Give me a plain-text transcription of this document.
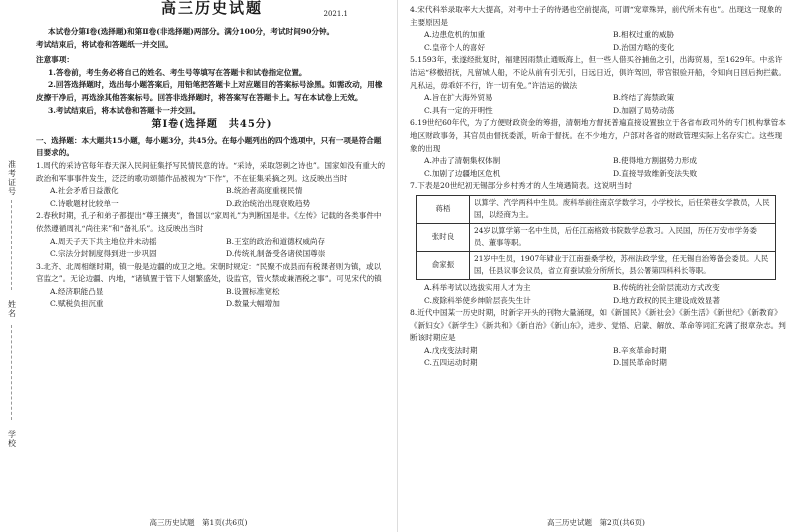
准考证号
姓名
学校
高三历史试题	2021.1

本试卷分第Ⅰ卷(选择题)和第Ⅱ卷(非选择题)两部分。满分100分，考试时间90分钟。

考试结束后，将试卷和答题纸一并交回。

注意事项：

1.答卷前，考生务必将自己的姓名、考生号等填写在答题卡和试卷指定位置。

2.回答选择题时，选出每小题答案后，用铅笔把答题卡上对应题目的答案标号涂黑。如需改动，用橡皮擦干净后，再选涂其他答案标号。回答非选择题时，将答案写在答题卡上。写在本试卷上无效。

3.考试结束后，将本试卷和答题卡一并交回。

第Ⅰ卷(选择题　共45分)

一、选择题：本大题共15小题，每小题3分，共45分。在每小题列出的四个选项中，只有一项是符合题目要求的。

1.周代的采诗官每年春天深入民间征集抒写民情民意的诗。“采诗，采取怨刺之诗也”。国家如没有重大的政治和军事事件发生，泛泛的歌功颂德作品被视为“下作”，不在征集采摘之列。这反映出当时

A.社会矛盾日益激化	B.统治者高度重视民情
C.诗歌题材比较单一	D.政治统治出现衰败趋势

2.春秋时期，孔子和弟子都提出“尊王攘夷”，鲁国以“家周礼”为判断国是非。《左传》记载的各类事件中依然遵循周礼“尚往来”和“备礼乐”。这反映出当时

A.周天子天下共主地位并未动摇	B.王室的政治和道德权威尚存
C.宗法分封制度得到进一步巩固	D.传统礼制备受各诸侯国尊崇

3.北齐、北周相继时期，镇一般是边疆的成卫之地。宋朝时规定：“民聚不成县而有税课者则为镇，或以官监之”。无论边疆、内地，“诸镇置于管下人烟繁盛处，设监官，管火禁或兼酒税之事”。可见宋代的镇

A.经济职能凸显	B.设置标准宽松
C.赋税负担沉重	D.数量大幅增加
高三历史试题　第1页(共6页)

4.宋代科举录取率大大提高，对考中士子的待遇也空前提高，可谓“宠章殊异，前代所未有也”。出现这一现象的主要原因是

A.边患危机的加重	B.相权过重的威胁
C.皇帝个人的喜好	D.治国方略的变化

5.1593年，张遂经批复时，福建因雨禁止通贩海上，但一些人借买谷捕鱼之引，出海贸易，至1629年。中丞许洁运“移檄招抚，凡留城人船，不论从前有引无引，日远日近，俱许驾回，带官银验开船，令知向日回后拘拦截。凡私运，毋乖奸不行，许一切有免。”许洁运的做法

A.旨在扩大海外贸易	B.终结了海禁政策
C.具有一定的开明性	D.加剧了局势动荡

6.19世纪60年代，为了方便财政资金的筹措，清朝地方督抚普遍直接设置独立于各省布政司外的专门机构掌管本地区财政事务，其官员由督抚委派，听命于督抚。在不少地方，户部对各省的财政管理实际上名存实亡。这些现象的出现

A.冲击了清朝集权体制	B.使得地方割据势力形成
C.加剧了边疆地区危机	D.直接导致维新变法失败

7.下表是20世纪初无锡部分乡村秀才的人生境遇简表。这说明当时

蒋梧	以算学、汽学两科中生员。废科举前往南京学数学习，小学校长，后任荣巷女学教员，人民国，以经商为主。
张时良	24岁以算学第一名中生员，后任江南格致书院数学总教习。入民国，历任万安市学务委员、董事等职。
俞家振	21岁中生员，1907年肄业于江南蚕桑学校，苏州法政学堂，任无锡自治筹备会委员。人民国，任县议事会议员，省立育蚕试验分所所长，县公署第四科科长等职。
A.科举考试以选拔实用人才为主	B.传统的社会阶层流动方式改变
C.废除科举使乡绅阶层丧失生计	D.地方政权的民主建设成效显著

8.近代中国某一历史时期，时新字开头的刊物大量涌现，如《新国民》《新社会》《新生活》《新世纪》《新教育》《新妇女》《新学生》《新共和》《新自治》《新山东》，进步、觉悟、启蒙、解放、革命等词汇充满了报章杂志。判断该时期应是

A.戊戌变法时期	B.辛亥革命时期
C.五四运动时期	D.国民革命时期
高三历史试题　第2页(共6页)
